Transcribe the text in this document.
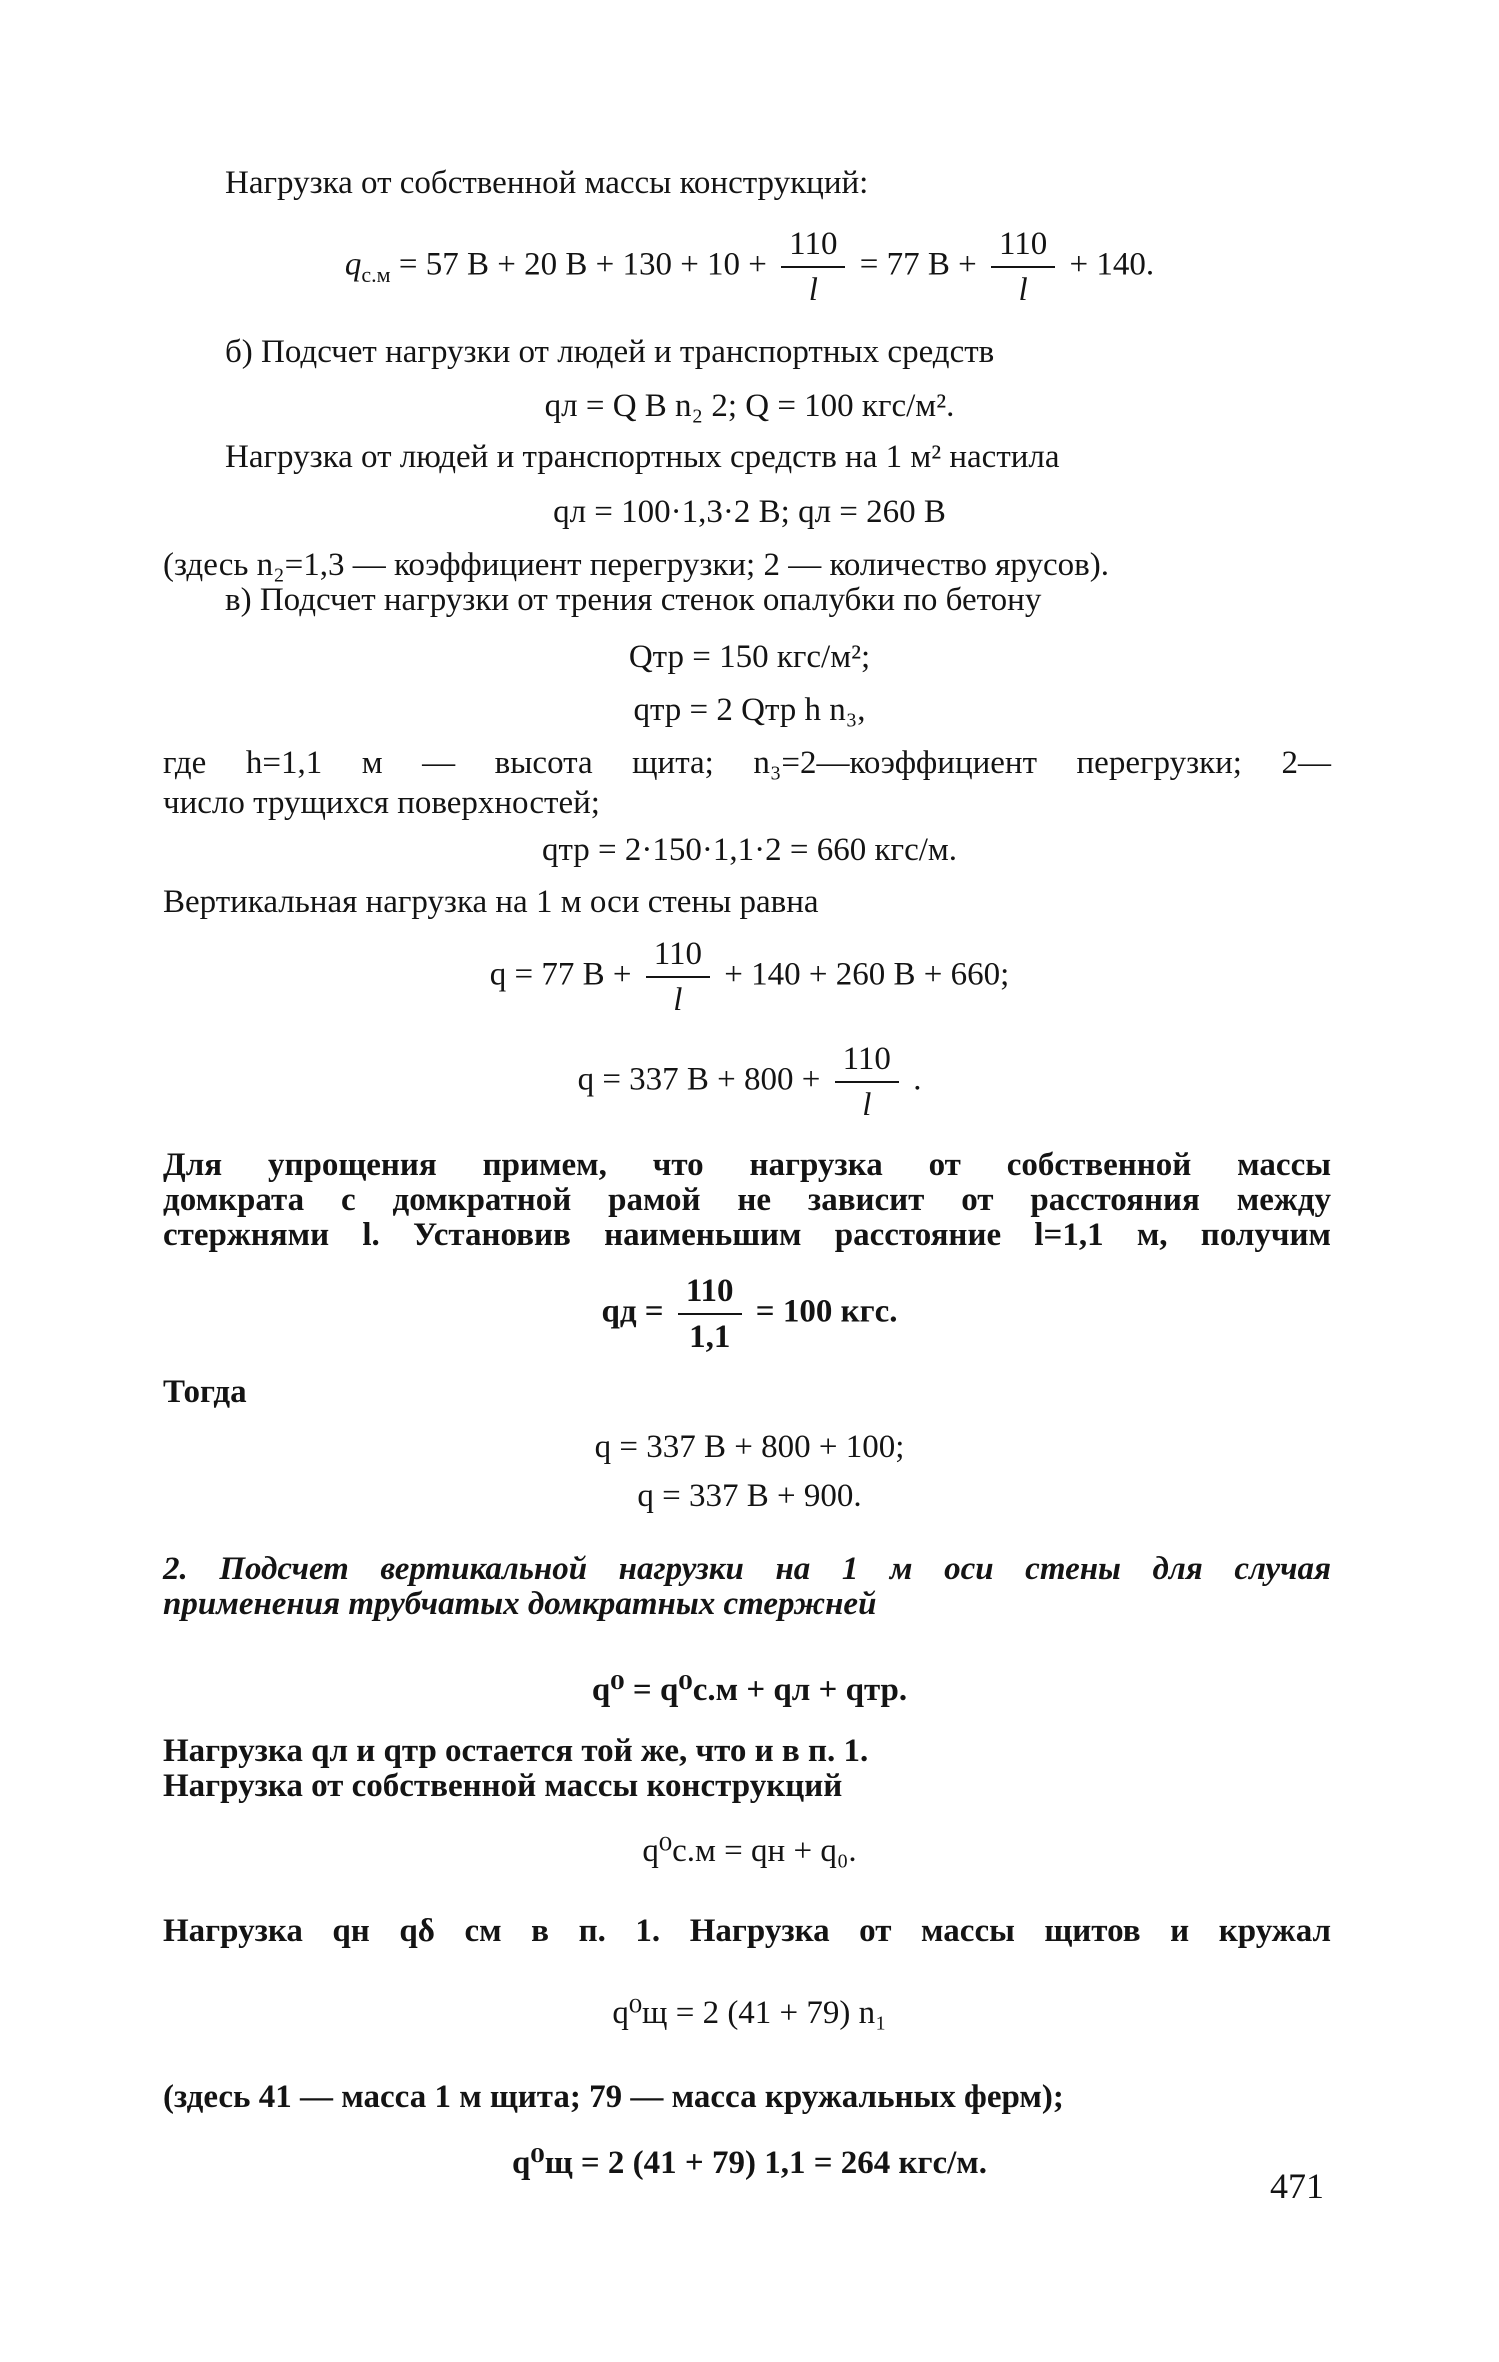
Нагрузка от собственной массы конструкций:
$q_{с.м} = 57$ B + 20 $B + 130 + 10 + \frac{110}{l} = 77$ $B + \frac{110}{l} + 140$.
б) Подсчет нагрузки от людей и транспортных средств
qл = Q B n₂ 2; Q = 100 кгс/м².
Нагрузка от людей и транспортных средств на 1 м² настила
qл = 100·1,3·2 B; qл = 260 B
(здесь n₂=1,3 — коэффициент перегрузки; 2 — количество ярусов).
в) Подсчет нагрузки от трения стенок опалубки по бетону
Qтр = 150 кгс/м²;
qтр = 2 Qтр h n₃,
где h=1,1 м — высота щита; n₃=2—коэффициент перегрузки; 2—
число трущихся поверхностей;
qтр = 2·150·1,1·2 = 660 кгс/м.
Вертикальная нагрузка на 1 м оси стены равна
q = 77 $B + \frac{110}{l} + 140 + 260$ B + 660;
q = 337 $B + 800 + \frac{110}{l}$ .
Для упрощения примем, что нагрузка от собственной массы
домкрата с домкратной рамой не зависит от расстояния между
стержнями l. Установив наименьшим расстояние l=1,1 м, получим
qд = $\frac{110}{1,1} = 100$ кгс.
Тогда
q = 337 B + 800 + 100;
q = 337 B + 900.
2. Подсчет вертикальной нагрузки на 1 м оси стены для случая
применения трубчатых домкратных стержней
q⁰ = q⁰с.м + qл + qтр.
Нагрузка qл и qтр остается той же, что и в п. 1.
Нагрузка от собственной массы конструкций
q⁰с.м = qн + q₀.
Нагрузка qн qδ см в п. 1. Нагрузка от массы щитов и кружал
q⁰щ = 2 (41 + 79) n₁
(здесь 41 — масса 1 м щита; 79 — масса кружальных ферм);
q⁰щ = 2 (41 + 79) 1,1 = 264 кгс/м.
471
